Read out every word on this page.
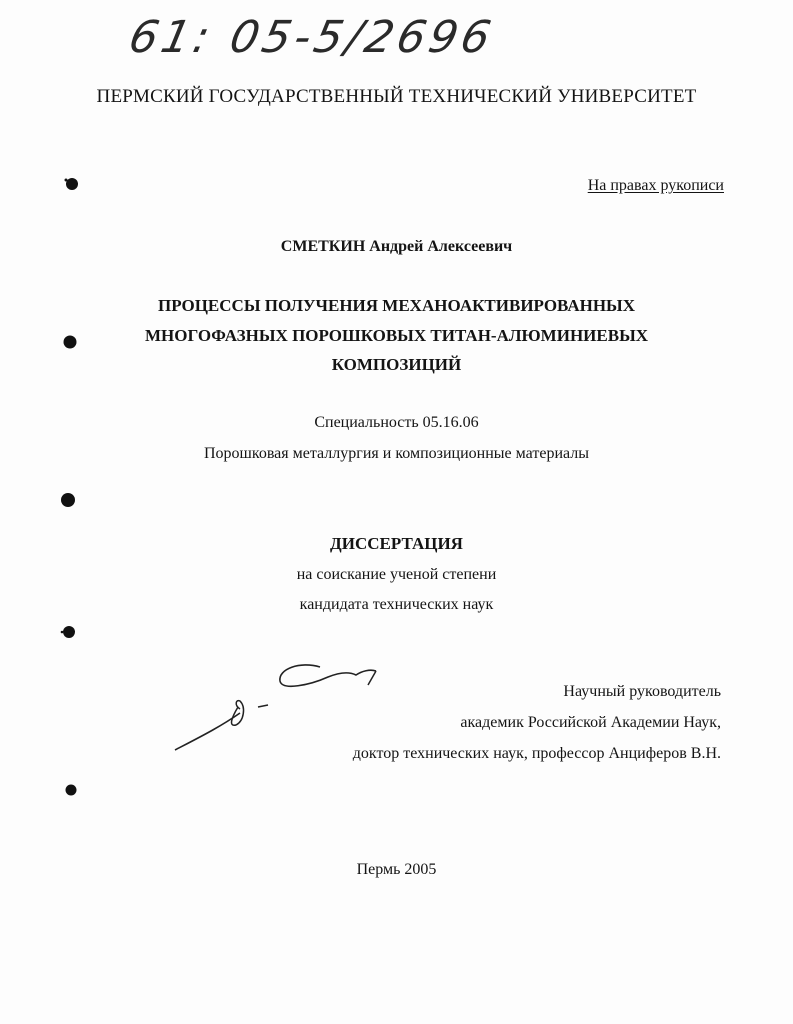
61: 05-5/2696
ПЕРМСКИЙ ГОСУДАРСТВЕННЫЙ ТЕХНИЧЕСКИЙ УНИВЕРСИТЕТ
На правах рукописи
СМЕТКИН Андрей Алексеевич
ПРОЦЕССЫ ПОЛУЧЕНИЯ МЕХАНОАКТИВИРОВАННЫХ
МНОГОФАЗНЫХ ПОРОШКОВЫХ ТИТАН-АЛЮМИНИЕВЫХ
КОМПОЗИЦИЙ
Специальность 05.16.06
Порошковая металлургия и композиционные материалы
ДИССЕРТАЦИЯ
на соискание ученой степени
кандидата технических наук
Научный руководитель
академик Российской Академии Наук,
доктор технических наук, профессор Анциферов В.Н.
Пермь 2005
